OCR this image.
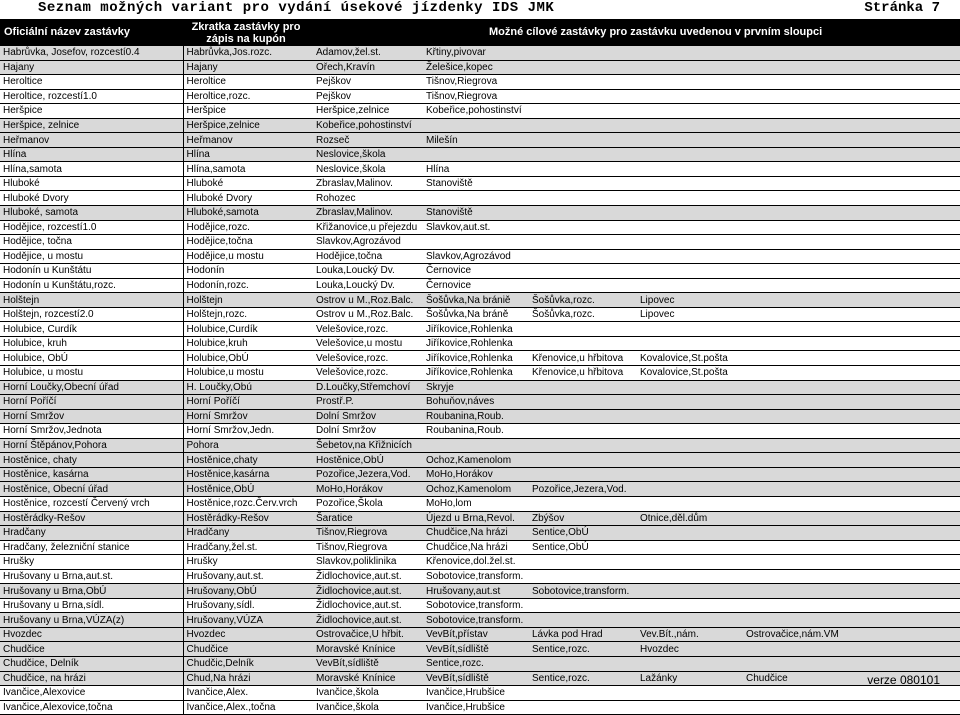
Seznam možných variant pro vydání úsekové jízdenky IDS JMK	Stránka 7
Oficiální název zastávky	Zkratka zastávky pro zápis na kupón
Možné cílové zastávky pro zastávku uvedenou v prvním sloupci
Habrůvka, Josefov, rozcestí0.4	Habrůvka,Jos.rozc.	Adamov,žel.st.	Křtiny,pivovar				
Hajany	Hajany	Ořech,Kravín	Želešice,kopec				
Heroltice	Heroltice	Pejškov	Tišnov,Riegrova				
Heroltice, rozcestí1.0	Heroltice,rozc.	Pejškov	Tišnov,Riegrova				
Heršpice	Heršpice	Heršpice,zelnice	Kobeřice,pohostinství				
Heršpice, zelnice	Heršpice,zelnice	Kobeřice,pohostinství					
Heřmanov	Heřmanov	Rozseč	Milešín				
Hlína	Hlína	Neslovice,škola					
Hlína,samota	Hlína,samota	Neslovice,škola	Hlína				
Hluboké	Hluboké	Zbraslav,Malinov.	Stanoviště				
Hluboké Dvory	Hluboké Dvory	Rohozec					
Hluboké, samota	Hluboké,samota	Zbraslav,Malinov.	Stanoviště				
Hodějice, rozcestí1.0	Hodějice,rozc.	Křižanovice,u přejezdu	Slavkov,aut.st.				
Hodějice, točna	Hodějice,točna	Slavkov,Agrozávod					
Hodějice, u mostu	Hodějice,u mostu	Hodějice,točna	Slavkov,Agrozávod				
Hodonín u Kunštátu	Hodonín	Louka,Loucký Dv.	Černovice				
Hodonín u Kunštátu,rozc.	Hodonín,rozc.	Louka,Loucký Dv.	Černovice				
Holštejn	Holštejn	Ostrov u M.,Roz.Balc.	Šošůvka,Na brániě	Šošůvka,rozc.	Lipovec		
Holštejn, rozcestí2.0	Holštejn,rozc.	Ostrov u M.,Roz.Balc.	Šošůvka,Na bráně	Šošůvka,rozc.	Lipovec		
Holubice, Curdík	Holubice,Curdík	Velešovice,rozc.	Jiříkovice,Rohlenka				
Holubice, kruh	Holubice,kruh	Velešovice,u mostu	Jiříkovice,Rohlenka				
Holubice, ObÚ	Holubice,ObÚ	Velešovice,rozc.	Jiříkovice,Rohlenka	Křenovice,u hřbitova	Kovalovice,St.pošta		
Holubice, u mostu	Holubice,u mostu	Velešovice,rozc.	Jiříkovice,Rohlenka	Křenovice,u hřbitova	Kovalovice,St.pošta		
Horní Loučky,Obecní úřad	H. Loučky,Obú	D.Loučky,Střemchoví	Skryje				
Horní Poříčí	Horní Poříčí	Prostř.P.	Bohuňov,náves				
Horní Smržov	Horní Smržov	Dolní Smržov	Roubanina,Roub.				
Horní Smržov,Jednota	Horní Smržov,Jedn.	Dolní Smržov	Roubanina,Roub.				
Horní Štěpánov,Pohora	Pohora	Šebetov,na Křižnicích					
Hostěnice, chaty	Hostěnice,chaty	Hostěnice,ObÚ	Ochoz,Kamenolom				
Hostěnice, kasárna	Hostěnice,kasárna	Pozořice,Jezera,Vod.	MoHo,Horákov				
Hostěnice, Obecní úřad	Hostěnice,ObÚ	MoHo,Horákov	Ochoz,Kamenolom	Pozořice,Jezera,Vod.			
Hostěnice, rozcestí Červený vrch	Hostěnice,rozc.Červ.vrch	Pozořice,Škola	MoHo,lom				
Hostěrádky-Rešov	Hostěrádky-Rešov	Šaratice	Újezd u Brna,Revol.	Zbýšov	Otnice,děl.dům		
Hradčany	Hradčany	Tišnov,Riegrova	Chudčice,Na hrázi	Sentice,ObÚ			
Hradčany, železniční stanice	Hradčany,žel.st.	Tišnov,Riegrova	Chudčice,Na hrázi	Sentice,ObÚ			
Hrušky	Hrušky	Slavkov,poliklinika	Křenovice,dol.žel.st.				
Hrušovany u Brna,aut.st.	Hrušovany,aut.st.	Židlochovice,aut.st.	Sobotovice,transform.				
Hrušovany u Brna,ObÚ	Hrušovany,ObÚ	Židlochovice,aut.st.	Hrušovany,aut.st	Sobotovice,transform.			
Hrušovany u Brna,sídl.	Hrušovany,sídl.	Židlochovice,aut.st.	Sobotovice,transform.				
Hrušovany u Brna,VÚZA(z)	Hrušovany,VÚZA	Židlochovice,aut.st.	Sobotovice,transform.				
Hvozdec	Hvozdec	Ostrovačice,U hřbit.	VevBít,přístav	Lávka pod Hrad	Vev.Bít.,nám.	Ostrovačice,nám.VM	
Chudčice	Chudčice	Moravské Knínice	VevBít,sídliště	Sentice,rozc.	Hvozdec		
Chudčice, Delník	Chudčic,Delník	VevBít,sídliště	Sentice,rozc.				
Chudčice, na hrázi	Chud,Na hrázi	Moravské Knínice	VevBít,sídliště	Sentice,rozc.	Lažánky	Chudčice	
Ivančice,Alexovice	Ivančice,Alex.	Ivančice,škola	Ivančice,Hrubšice				
Ivančice,Alexovice,točna	Ivančice,Alex.,točna	Ivančice,škola	Ivančice,Hrubšice				
verze 080101
